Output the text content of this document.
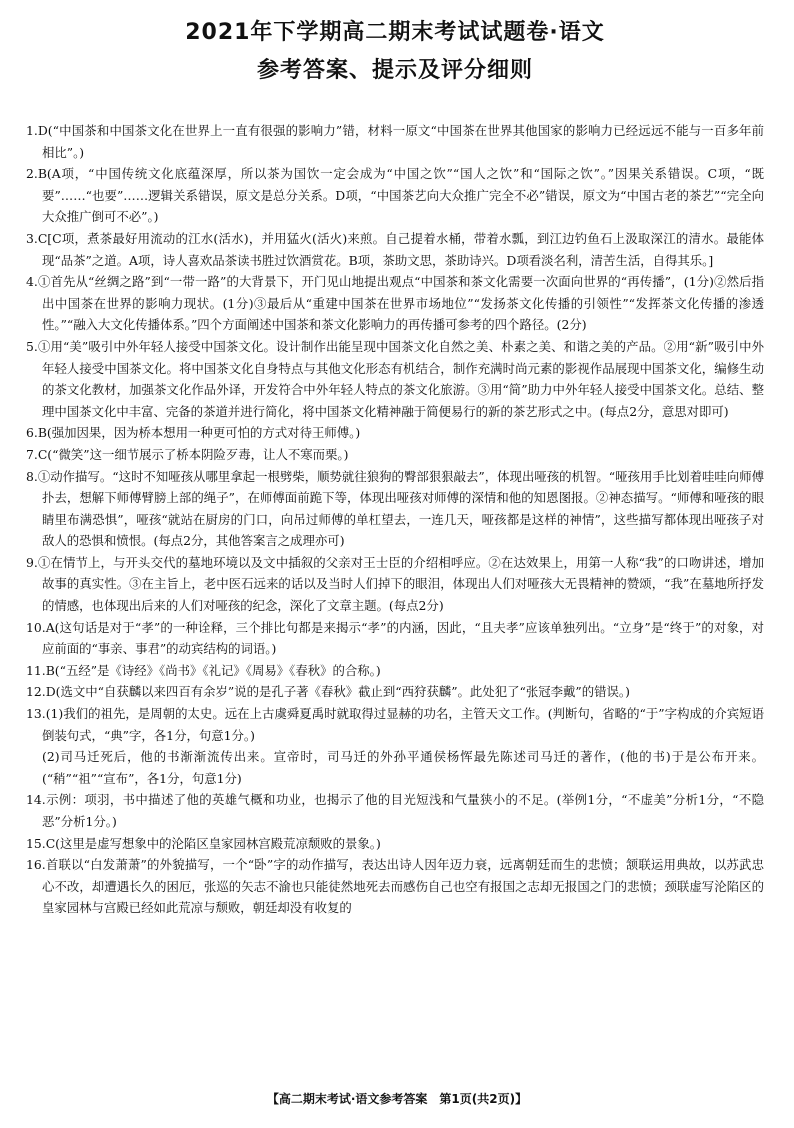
2021年下学期高二期末考试试题卷·语文
参考答案、提示及评分细则

1.D(“中国茶和中国茶文化在世界上一直有很强的影响力”错，材料一原文“中国茶在世界其他国家的影响力已经远远不能与一百多年前相比”。)

2.B(A项，“中国传统文化底蕴深厚，所以茶为国饮一定会成为“中国之饮”“国人之饮”和“国际之饮”。”因果关系错误。C项，“既要”……“也要”……逻辑关系错误，原文是总分关系。D项，“中国茶艺向大众推广完全不必”错误，原文为“中国古老的茶艺”“完全向大众推广倒可不必”。)

3.C[C项，煮茶最好用流动的江水(活水)，并用猛火(活火)来煎。自己提着水桶，带着水瓢，到江边钓鱼石上汲取深江的清水。最能体现“品茶”之道。A项，诗人喜欢品茶读书胜过饮酒赏花。B项，茶助文思，茶助诗兴。D项看淡名利，清苦生活，自得其乐。]

4.①首先从“丝绸之路”到“一带一路”的大背景下，开门见山地提出观点“中国茶和茶文化需要一次面向世界的“再传播”，(1分)②然后指出中国茶在世界的影响力现状。(1分)③最后从“重建中国茶在世界市场地位”“发扬茶文化传播的引领性”“发挥茶文化传播的渗透性。”“融入大文化传播体系。”四个方面阐述中国茶和茶文化影响力的再传播可参考的四个路径。(2分)

5.①用“美”吸引中外年轻人接受中国茶文化。设计制作出能呈现中国茶文化自然之美、朴素之美、和谐之美的产品。②用“新”吸引中外年轻人接受中国茶文化。将中国茶文化自身特点与其他文化形态有机结合，制作充满时尚元素的影视作品展现中国茶文化，编修生动的茶文化教材，加强茶文化作品外译，开发符合中外年轻人特点的茶文化旅游。③用“简”助力中外年轻人接受中国茶文化。总结、整理中国茶文化中丰富、完备的茶道并进行简化，将中国茶文化精神融于简便易行的新的茶艺形式之中。(每点2分，意思对即可)

6.B(强加因果，因为桥本想用一种更可怕的方式对待王师傅。)

7.C(“微笑”这一细节展示了桥本阴险歹毒，让人不寒而栗。)

8.①动作描写。“这时不知哑孩从哪里拿起一根劈柴，顺势就往狼狗的臀部狠狠敲去”，体现出哑孩的机智。“哑孩用手比划着哇哇向师傅扑去，想解下师傅臂膀上部的绳子”，在师傅面前跪下等，体现出哑孩对师傅的深情和他的知恩图报。②神态描写。“师傅和哑孩的眼睛里布满恐惧”，哑孩“就站在厨房的门口，向吊过师傅的单杠望去，一连几天，哑孩都是这样的神情”，这些描写都体现出哑孩子对敌人的恐惧和愤恨。(每点2分，其他答案言之成理亦可)

9.①在情节上，与开头交代的墓地环境以及文中插叙的父亲对王士臣的介绍相呼应。②在达效果上，用第一人称“我”的口吻讲述，增加故事的真实性。③在主旨上，老中医石远来的话以及当时人们掉下的眼泪，体现出人们对哑孩大无畏精神的赞颂，“我”在墓地所抒发的情感，也体现出后来的人们对哑孩的纪念，深化了文章主题。(每点2分)

10.A(这句话是对于“孝”的一种诠释，三个排比句都是来揭示“孝”的内涵，因此，“且夫孝”应该单独列出。“立身”是“终于”的对象，对应前面的“事亲、事君”的动宾结构的词语。)

11.B(“五经”是《诗经》《尚书》《礼记》《周易》《春秋》的合称。)

12.D(选文中“自获麟以来四百有余岁”说的是孔子著《春秋》截止到“西狩获麟”。此处犯了“张冠李戴”的错误。)

13.(1)我们的祖先，是周朝的太史。远在上古虞舜夏禹时就取得过显赫的功名，主管天文工作。(判断句，省略的“于”字构成的介宾短语倒装句式，“典”字，各1分，句意1分。)

(2)司马迁死后，他的书渐渐流传出来。宣帝时，司马迁的外孙平通侯杨恽最先陈述司马迁的著作，(他的书)于是公布开来。(“稍”“祖”“宣布”，各1分，句意1分)

14.示例：项羽，书中描述了他的英雄气概和功业，也揭示了他的目光短浅和气量狭小的不足。(举例1分，“不虚美”分析1分，“不隐恶”分析1分。)

15.C(这里是虚写想象中的沦陷区皇家园林宫殿荒凉颓败的景象。)

16.首联以“白发萧萧”的外貌描写，一个“卧”字的动作描写，表达出诗人因年迈力衰，远离朝廷而生的悲愤；颔联运用典故，以苏武忠心不改，却遭遇长久的困厄，张巡的矢志不渝也只能徒然地死去而感伤自己也空有报国之志却无报国之门的悲愤；颈联虚写沦陷区的皇家园林与宫殿已经如此荒凉与颓败，朝廷却没有收复的

【高二期末考试·语文参考答案　第1页(共2页)】
